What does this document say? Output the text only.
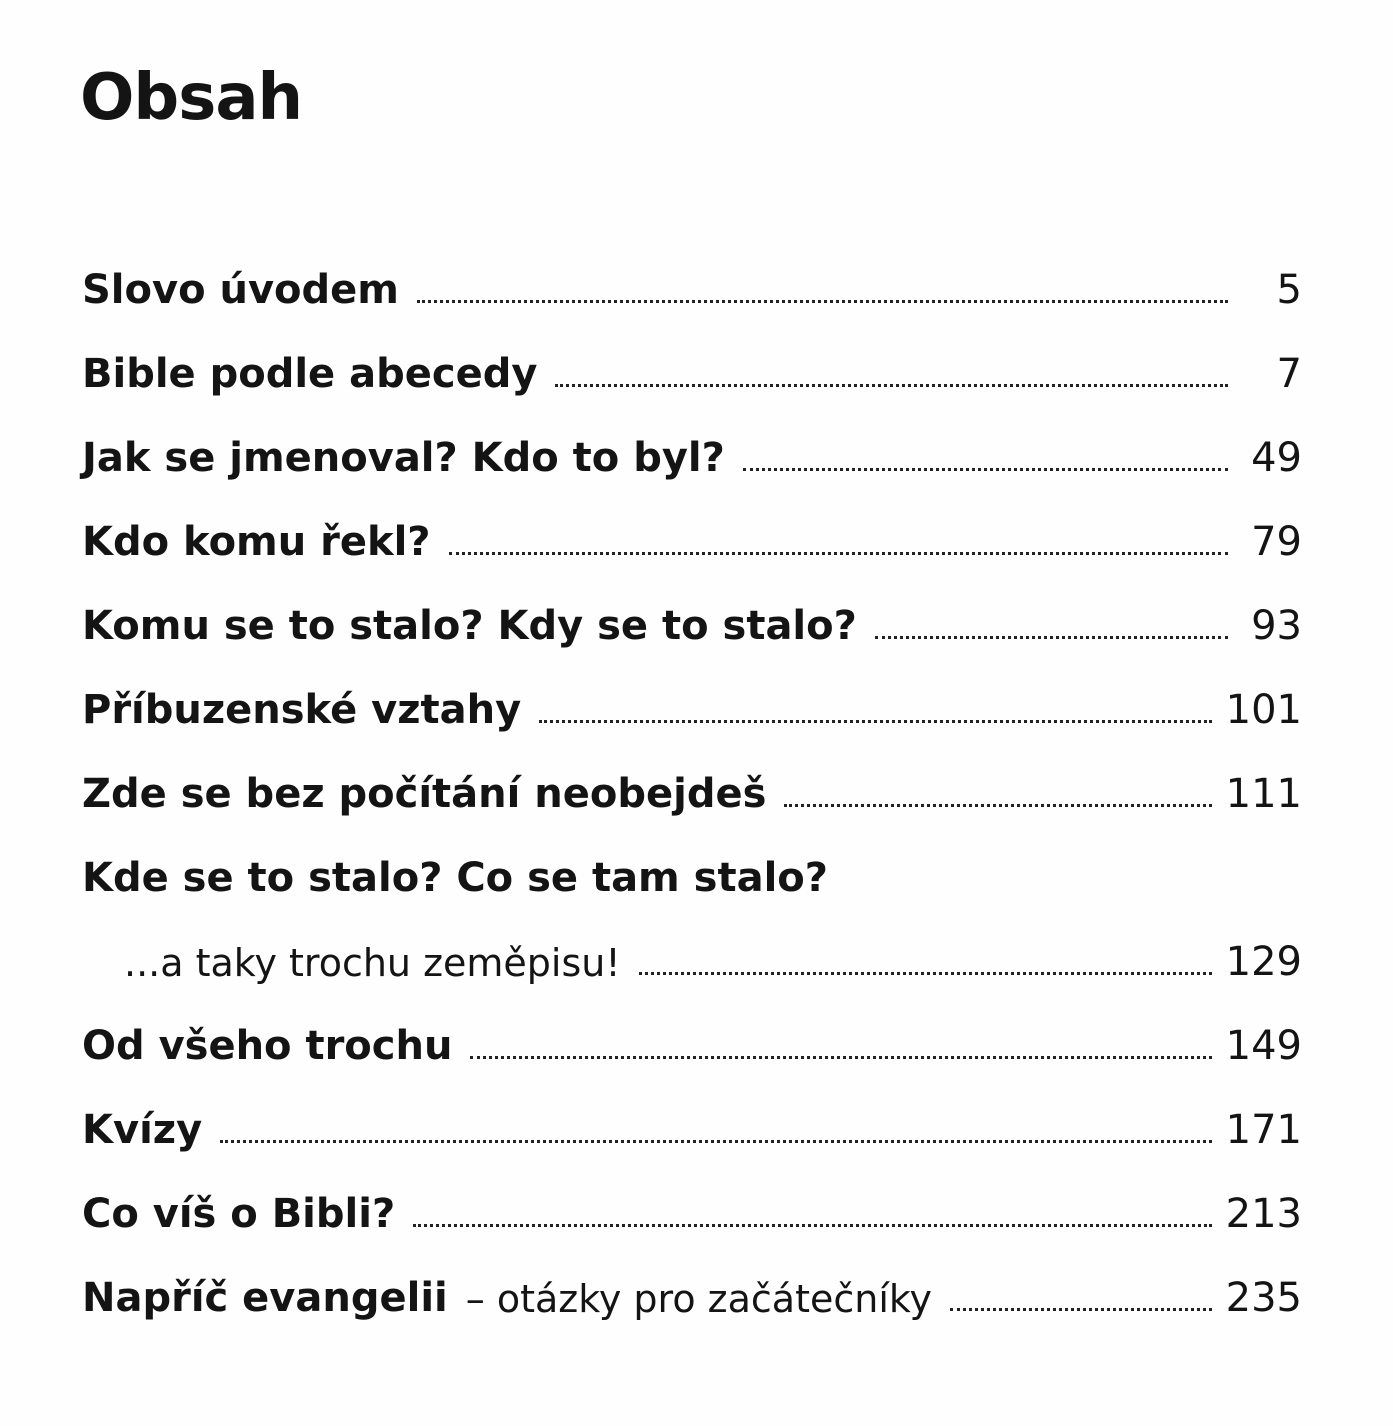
Obsah
Slovo úvodem	5
Bible podle abecedy	7
Jak se jmenoval? Kdo to byl?	49
Kdo komu řekl?	79
Komu se to stalo? Kdy se to stalo?	93
Příbuzenské vztahy	101
Zde se bez počítání neobejdeš	111
Kde se to stalo? Co se tam stalo?
...a taky trochu zeměpisu!	129
Od všeho trochu	149
Kvízy	171
Co víš o Bibli?	213
Napříč evangelii – otázky pro začátečníky	235
